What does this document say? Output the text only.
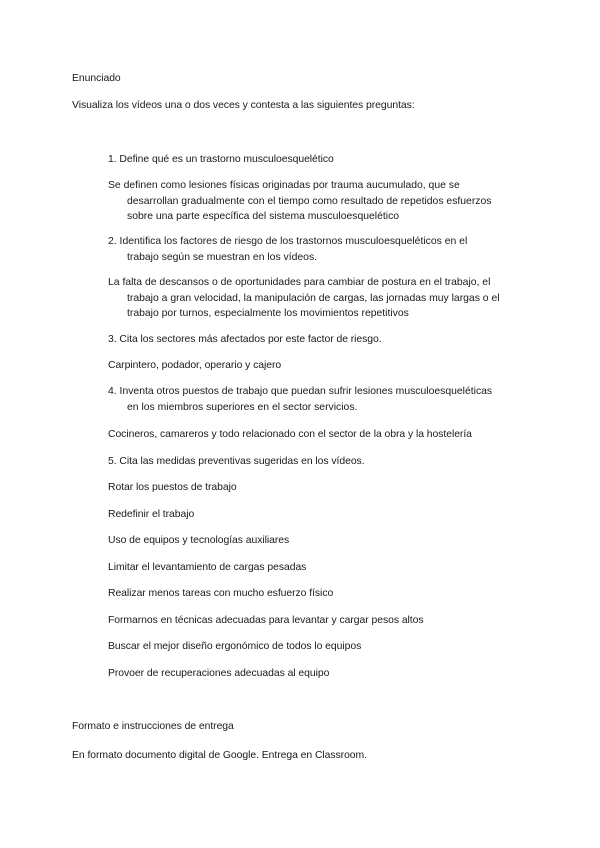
Enunciado
Visualiza los vídeos una o dos veces y contesta a las siguientes preguntas:
1. Define qué es un trastorno musculoesquelético
Se definen como lesiones físicas originadas por trauma aucumulado, que se
desarrollan gradualmente con el tiempo como resultado de repetidos esfuerzos
sobre una parte específica del sistema musculoesquelético
2. Identifica los factores de riesgo de los trastornos musculoesqueléticos en el
trabajo según se muestran en los vídeos.
La falta de descansos o de oportunidades para cambiar de postura en el trabajo, el
trabajo a gran velocidad, la manipulación de cargas, las jornadas muy largas o el
trabajo por turnos, especialmente los movimientos repetitivos
3. Cita los sectores más afectados por este factor de riesgo.
Carpintero, podador, operario y cajero
4. Inventa otros puestos de trabajo que puedan sufrir lesiones musculoesqueléticas
en los miembros superiores en el sector servicios.
Cocineros, camareros y todo relacionado con el sector de la obra y la hostelería
5. Cita las medidas preventivas sugeridas en los vídeos.
Rotar los puestos de trabajo
Redefinir el trabajo
Uso de equipos y tecnologías auxiliares
Limitar el levantamiento de cargas pesadas
Realizar menos tareas con mucho esfuerzo físico
Formarnos en técnicas adecuadas para levantar y cargar pesos altos
Buscar el mejor diseño ergonómico de todos lo equipos
Provoer de recuperaciones adecuadas al equipo
Formato e instrucciones de entrega
En formato documento digital de Google. Entrega en Classroom.
